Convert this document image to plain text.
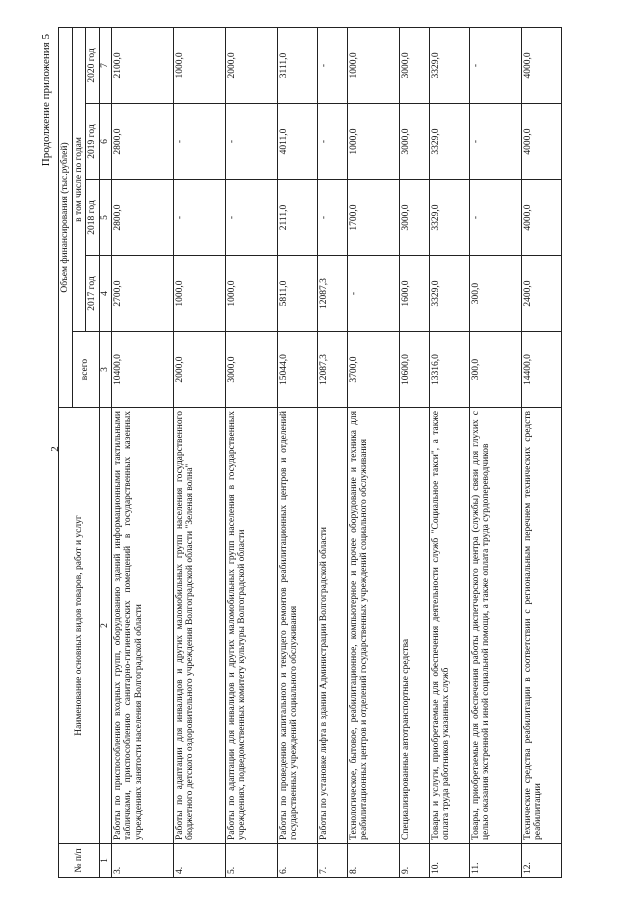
2
Продолжение приложения 5
№ п/п	Наименование основных видов товаров, работ и услуг	Объем финансирования (тыс.рублей)				
		всего	в том числе по годам			
			2017 год	2018 год	2019 год	2020 год
1	2	3	4	5	6	7
3.	Работы по приспособлению входных групп, оборудованию зданий информационными тактильными табличками, приспособлению санитарно-гигиенических помещений в государственных казенных учреждениях занятости населения Волгоградской области	10400,0	2700,0	2800,0	2800,0	2100,0
4.	Работы по адаптации для инвалидов и других маломобильных групп населения государственного бюджетного детского оздоровительного учреждения Волгоградской области "Зеленая волна"	2000,0	1000,0	-	-	1000,0
5.	Работы по адаптации для инвалидов и других маломобильных групп населения в государственных учреждениях, подведомственных комитету культуры Волгоградской области	3000,0	1000,0	-	-	2000,0
6.	Работы по проведению капитального и текущего ремонтов реабилитационных центров и отделений государственных учреждений социального обслуживания	15044,0	5811,0	2111,0	4011,0	3111,0
7.	Работы по установке лифта в здании Администрации Волгоградской области	12087,3	12087,3	-	-	-
8.	Технологическое, бытовое, реабилитационное, компьютерное и прочее оборудование и техника для реабилитационных центров и отделений государственных учреждений социального обслуживания	3700,0	-	1700,0	1000,0	1000,0
9.	Специализированные автотранспортные средства	10600,0	1600,0	3000,0	3000,0	3000,0
10.	Товары и услуги, приобретаемые для обеспечения деятельности служб "Социальное такси", а также оплата труда работников указанных служб	13316,0	3329,0	3329,0	3329,0	3329,0
11.	Товары, приобретаемые для обеспечения работы диспетчерского центра (службы) связи для глухих с целью оказания экстренной и иной социальной помощи, а также оплата труда сурдопереводчиков	300,0	300,0	-	-	-
12.	Технические средства реабилитации в соответствии с региональным перечнем технических средств реабилитации	14400,0	2400,0	4000,0	4000,0	4000,0
